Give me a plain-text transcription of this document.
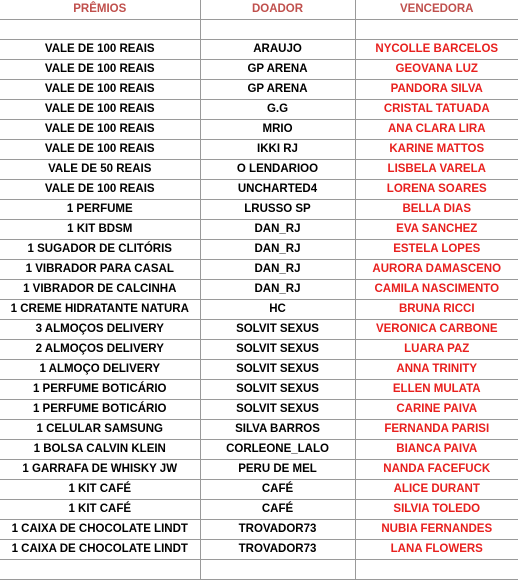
PRÊMIOS	DOADOR	VENCEDORA

VALE DE 100 REAIS	ARAUJO	NYCOLLE BARCELOS
VALE DE 100 REAIS	GP ARENA	GEOVANA LUZ
VALE DE 100 REAIS	GP ARENA	PANDORA SILVA
VALE DE 100 REAIS	G.G	CRISTAL TATUADA
VALE DE 100 REAIS	MRIO	ANA CLARA LIRA
VALE DE 100 REAIS	IKKI RJ	KARINE MATTOS
VALE DE 50 REAIS	O LENDARIOO	LISBELA VARELA
VALE DE 100 REAIS	UNCHARTED4	LORENA SOARES
1 PERFUME	LRUSSO SP	BELLA DIAS
1 KIT BDSM	DAN_RJ	EVA SANCHEZ
1 SUGADOR DE CLITÓRIS	DAN_RJ	ESTELA LOPES
1 VIBRADOR PARA CASAL	DAN_RJ	AURORA DAMASCENO
1 VIBRADOR DE CALCINHA	DAN_RJ	CAMILA NASCIMENTO
1 CREME HIDRATANTE NATURA	HC	BRUNA RICCI
3 ALMOÇOS DELIVERY	SOLVIT SEXUS	VERONICA CARBONE
2 ALMOÇOS DELIVERY	SOLVIT SEXUS	LUARA PAZ
1 ALMOÇO DELIVERY	SOLVIT SEXUS	ANNA TRINITY
1 PERFUME BOTICÁRIO	SOLVIT SEXUS	ELLEN MULATA
1 PERFUME BOTICÁRIO	SOLVIT SEXUS	CARINE PAIVA
1 CELULAR SAMSUNG	SILVA BARROS	FERNANDA PARISI
1 BOLSA CALVIN KLEIN	CORLEONE_LALO	BIANCA PAIVA
1 GARRAFA DE WHISKY JW	PERU DE MEL	NANDA FACEFUCK
1 KIT CAFÉ	CAFÉ	ALICE DURANT
1 KIT CAFÉ	CAFÉ	SILVIA TOLEDO
1 CAIXA DE CHOCOLATE LINDT	TROVADOR73	NUBIA FERNANDES
1 CAIXA DE CHOCOLATE LINDT	TROVADOR73	LANA FLOWERS
